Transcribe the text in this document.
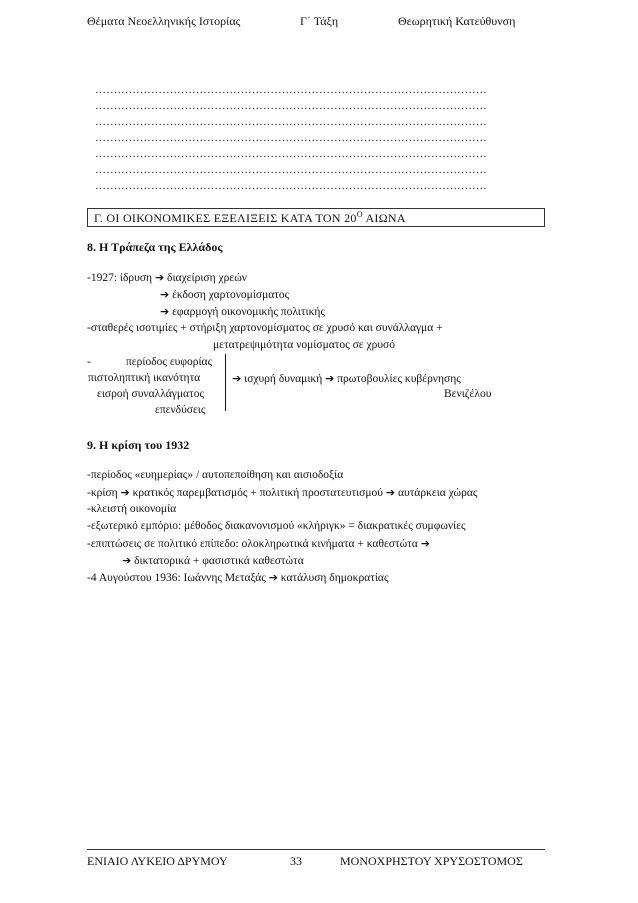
Θέματα Νεοελληνικής Ιστορίας	Γ΄ Τάξη	Θεωρητική Κατεύθυνση
……………………………………………………………………………………………
……………………………………………………………………………………………
……………………………………………………………………………………………
……………………………………………………………………………………………
……………………………………………………………………………………………
……………………………………………………………………………………………
……………………………………………………………………………………………
Γ. ΟΙ ΟΙΚΟΝΟΜΙΚΕΣ ΕΞΕΛΙΞΕΙΣ ΚΑΤΑ ΤΟΝ $20^O$ ΑΙΩΝΑ
8. Η Τράπεζα της Ελλάδος
-1927: ίδρυση ➔ διαχείριση χρεών
➔ έκδοση χαρτονομίσματος
➔ εφαρμογή οικονομικής πολιτικής
-σταθερές ισοτιμίες + στήριξη χαρτονομίσματος σε χρυσό και συνάλλαγμα +
μετατρεψιμότητα νομίσματος σε χρυσό
-	περίοδος ευφορίας
πιστοληπτική ικανότητα	➔ ισχυρή δυναμική ➔ πρωτοβουλίες κυβέρνησης
εισροή συναλλάγματος	Βενιζέλου
επενδύσεις
9. Η κρίση του 1932
-περίοδος «ευημερίας» / αυτοπεποίθηση και αισιοδοξία
-κρίση ➔ κρατικός παρεμβατισμός + πολιτική προστατευτισμού ➔ αυτάρκεια χώρας
-κλειστή οικονομία
-εξωτερικό εμπόριο: μέθοδος διακανονισμού «κλήριγκ» = διακρατικές συμφωνίες
-επιπτώσεις σε πολιτικό επίπεδο: ολοκληρωτικά κινήματα + καθεστώτα ➔
➔ δικτατορικά + φασιστικά καθεστώτα
-4 Αυγούστου 1936: Ιωάννης Μεταξάς ➔ κατάλυση δημοκρατίας
ΕΝΙΑΙΟ ΛΥΚΕΙΟ ΔΡΥΜΟΥ	33	ΜΟΝΟΧΡΗΣΤΟΥ ΧΡΥΣΟΣΤΟΜΟΣ
